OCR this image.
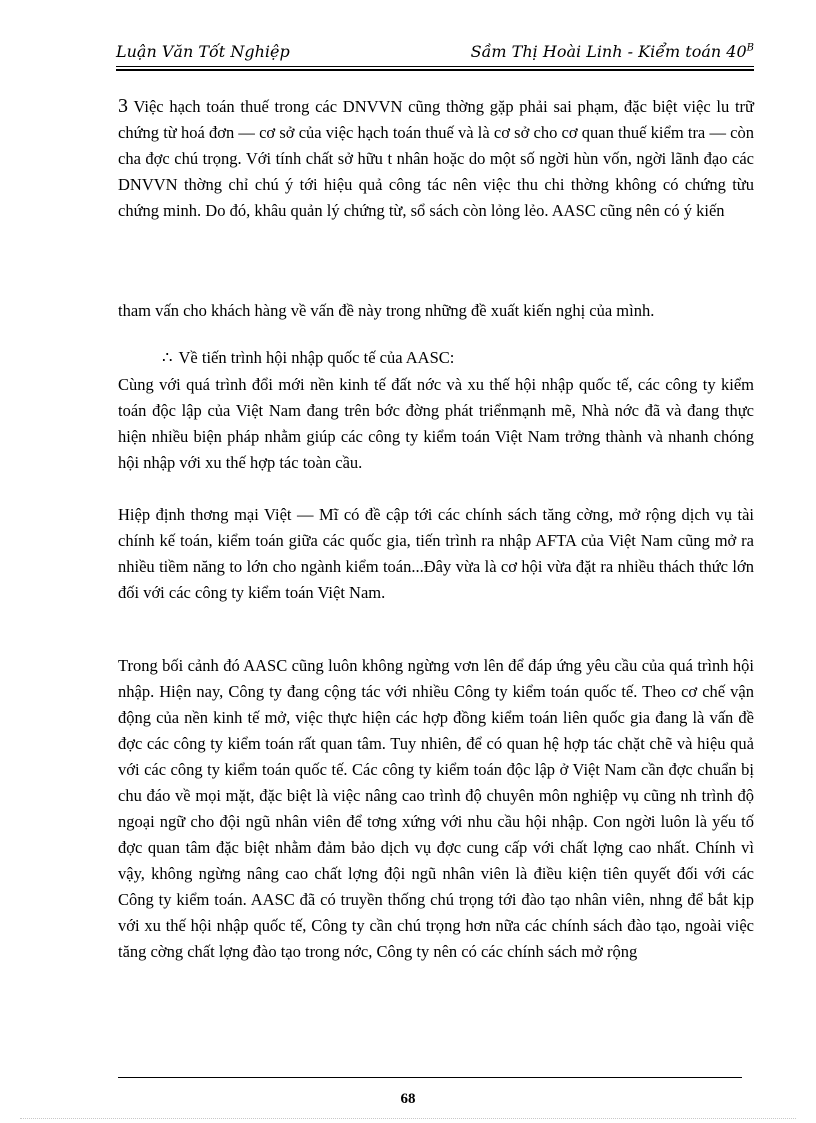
Luận Văn Tốt Nghiệp	Sầm Thị Hoài Linh - Kiểm toán $40^B$

3 Việc hạch toán thuế trong các DNVVN cũng thờng gặp phải sai phạm, đặc biệt việc lu trữ chứng từ hoá đơn — cơ sở của việc hạch toán thuế và là cơ sở cho cơ quan thuế kiểm tra — còn cha đợc chú trọng. Với tính chất sở hữu t nhân hoặc do một số ngời hùn vốn, ngời lãnh đạo các DNVVN thờng chỉ chú ý tới hiệu quả công tác nên việc thu chi thờng không có chứng từu chứng minh. Do đó, khâu quản lý chứng từ, sổ sách còn lỏng lẻo. AASC cũng nên có ý kiến

tham vấn cho khách hàng về vấn đề này trong những đề xuất kiến nghị của mình.

∴ Về tiến trình hội nhập quốc tế của AASC:

Cùng với quá trình đổi mới nền kinh tế đất nớc và xu thế hội nhập quốc tế, các công ty kiểm toán độc lập của Việt Nam đang trên bớc đờng phát triểnmạnh mẽ, Nhà nớc đã và đang thực hiện nhiều biện pháp nhằm giúp các công ty kiểm toán Việt Nam trởng thành và nhanh chóng hội nhập với xu thế hợp tác toàn cầu.

Hiệp định thơng mại Việt — Mĩ có đề cập tới các chính sách tăng cờng, mở rộng dịch vụ tài chính kế toán, kiểm toán giữa các quốc gia, tiến trình ra nhập AFTA của Việt Nam cũng mở ra nhiều tiềm năng to lớn cho ngành kiểm toán...Đây vừa là cơ hội vừa đặt ra nhiều thách thức lớn đối với các công ty kiểm toán Việt Nam.

Trong bối cảnh đó AASC cũng luôn không ngừng vơn lên để đáp ứng yêu cầu của quá trình hội nhập. Hiện nay, Công ty đang cộng tác với nhiều Công ty kiểm toán quốc tế. Theo cơ chế vận động của nền kinh tế mở, việc thực hiện các hợp đồng kiểm toán liên quốc gia đang là vấn đề đợc các công ty kiểm toán rất quan tâm. Tuy nhiên, để có quan hệ hợp tác chặt chẽ và hiệu quả với các công ty kiểm toán quốc tế. Các công ty kiểm toán độc lập ở Việt Nam cần đợc chuẩn bị chu đáo về mọi mặt, đặc biệt là việc nâng cao trình độ chuyên môn nghiệp vụ cũng nh trình độ ngoại ngữ cho đội ngũ nhân viên để tơng xứng với nhu cầu hội nhập. Con ngời luôn là yếu tố đợc quan tâm đặc biệt nhằm đảm bảo dịch vụ đợc cung cấp với chất lợng cao nhất. Chính vì vậy, không ngừng nâng cao chất lợng đội ngũ nhân viên là điều kiện tiên quyết đối với các Công ty kiểm toán. AASC đã có truyền thống chú trọng tới đào tạo nhân viên, nhng để bắt kịp với xu thế hội nhập quốc tế, Công ty cần chú trọng hơn nữa các chính sách đào tạo, ngoài việc tăng cờng chất lợng đào tạo trong nớc, Công ty nên có các chính sách mở rộng

68
